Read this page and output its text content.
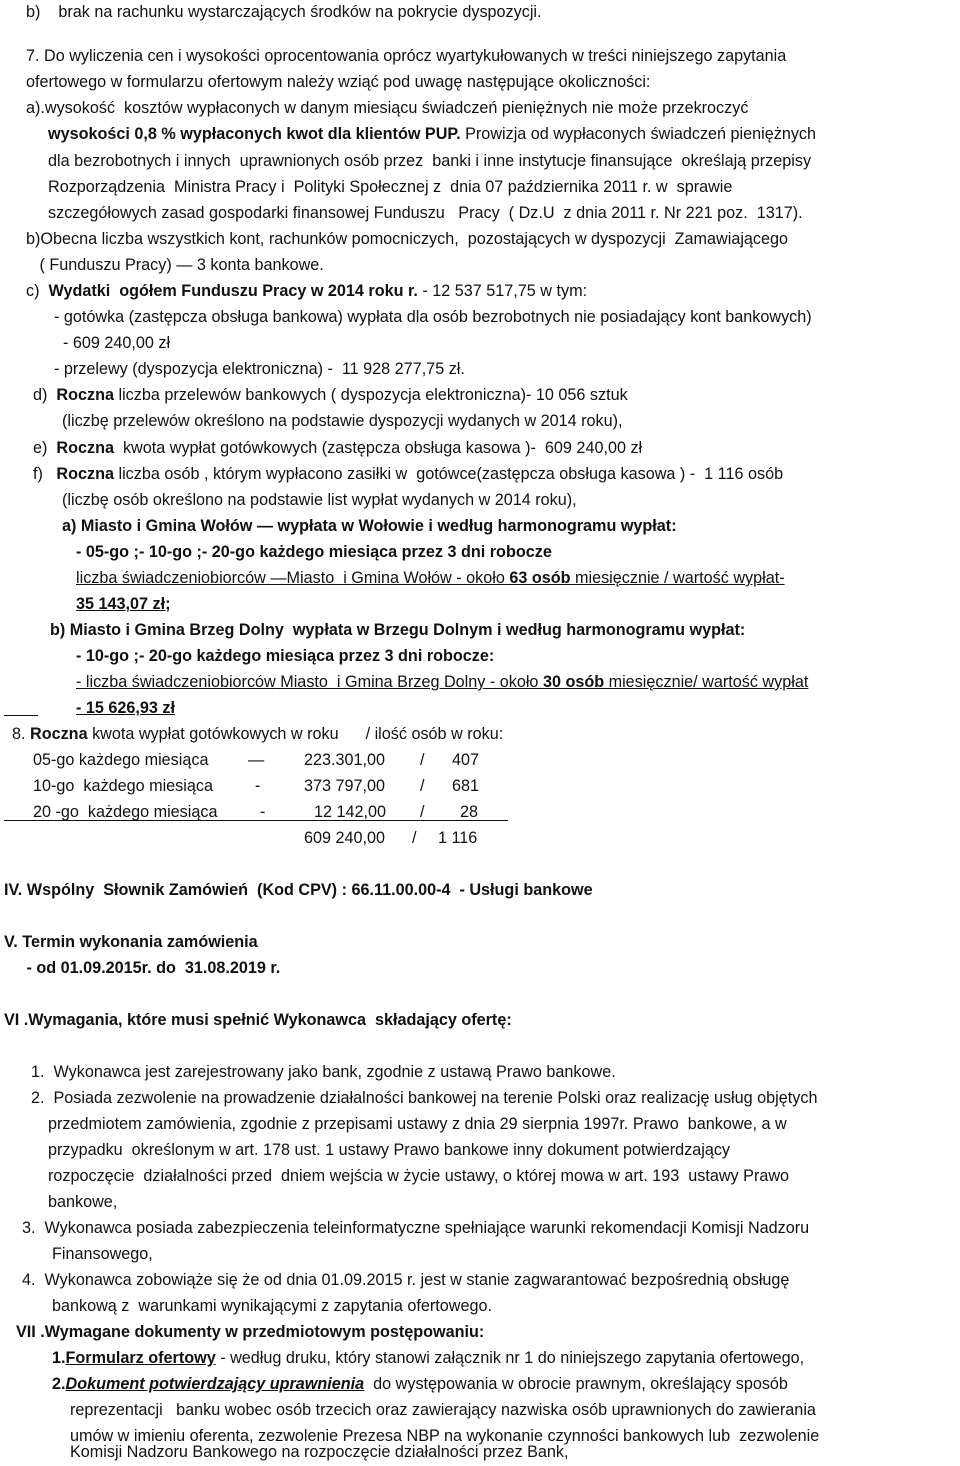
b)    brak na rachunku wystarczających środków na pokrycie dyspozycji.
7. Do wyliczenia cen i wysokości oprocentowania oprócz wyartykułowanych w treści niniejszego zapytania
ofertowego w formularzu ofertowym należy wziąć pod uwagę następujące okoliczności:
a).wysokość  kosztów wypłaconych w danym miesiącu świadczeń pieniężnych nie może przekroczyć
wysokości 0,8 % wypłaconych kwot dla klientów PUP. Prowizja od wypłaconych świadczeń pieniężnych
dla bezrobotnych i innych  uprawnionych osób przez  banki i inne instytucje finansujące  określają przepisy
Rozporządzenia  Ministra Pracy i  Polityki Społecznej z  dnia 07 października 2011 r. w  sprawie
szczegółowych zasad gospodarki finansowej Funduszu   Pracy  ( Dz.U  z dnia 2011 r. Nr 221 poz.  1317).
b)Obecna liczba wszystkich kont, rachunków pomocniczych,  pozostających w dyspozycji  Zamawiającego
( Funduszu Pracy) — 3 konta bankowe.
c)  Wydatki  ogółem Funduszu Pracy w 2014 roku r. - 12 537 517,75 w tym:
- gotówka (zastępcza obsługa bankowa) wypłata dla osób bezrobotnych nie posiadający kont bankowych)
- 609 240,00 zł
- przelewy (dyspozycja elektroniczna) -  11 928 277,75 zł.
d)  Roczna liczba przelewów bankowych ( dyspozycja elektroniczna)- 10 056 sztuk
(liczbę przelewów określono na podstawie dyspozycji wydanych w 2014 roku),
e)  Roczna  kwota wypłat gotówkowych (zastępcza obsługa kasowa )-  609 240,00 zł
f)   Roczna liczba osób , którym wypłacono zasiłki w  gotówce(zastępcza obsługa kasowa ) -  1 116 osób
(liczbę osób określono na podstawie list wypłat wydanych w 2014 roku),
a) Miasto i Gmina Wołów — wypłata w Wołowie i według harmonogramu wypłat:
- 05-go ;- 10-go ;- 20-go każdego miesiąca przez 3 dni robocze
liczba świadczeniobiorców —Miasto  i Gmina Wołów - około 63 osób miesięcznie / wartość wypłat-
35 143,07 zł;
b) Miasto i Gmina Brzeg Dolny  wypłata w Brzegu Dolnym i według harmonogramu wypłat:
- 10-go ;- 20-go każdego miesiąca przez 3 dni robocze:
- liczba świadczeniobiorców Miasto  i Gmina Brzeg Dolny - około 30 osób miesięcznie/ wartość wypłat
- 15 626,93 zł
8. Roczna kwota wypłat gotówkowych w roku      / ilość osób w roku:
05-go każdego miesiąca — 223.301,00 / 407
10-go  każdego miesiąca	-	373 797,00 / 681
20 -go  każdego miesiąca	-	12 142,00 / 28
609 240,00 / 1 116
IV. Wspólny  Słownik Zamówień  (Kod CPV) : 66.11.00.00-4  - Usługi bankowe
V. Termin wykonania zamówienia
- od 01.09.2015r. do  31.08.2019 r.
VI .Wymagania, które musi spełnić Wykonawca  składający ofertę:
1.  Wykonawca jest zarejestrowany jako bank, zgodnie z ustawą Prawo bankowe.
2.  Posiada zezwolenie na prowadzenie działalności bankowej na terenie Polski oraz realizację usług objętych
przedmiotem zamówienia, zgodnie z przepisami ustawy z dnia 29 sierpnia 1997r. Prawo  bankowe, a w
przypadku  określonym w art. 178 ust. 1 ustawy Prawo bankowe inny dokument potwierdzający
rozpoczęcie  działalności przed  dniem wejścia w życie ustawy, o której mowa w art. 193  ustawy Prawo
bankowe,
3.  Wykonawca posiada zabezpieczenia teleinformatyczne spełniające warunki rekomendacji Komisji Nadzoru
Finansowego,
4.  Wykonawca zobowiąże się że od dnia 01.09.2015 r. jest w stanie zagwarantować bezpośrednią obsługę
bankową z  warunkami wynikającymi z zapytania ofertowego.
VII .Wymagane dokumenty w przedmiotowym postępowaniu:
1.Formularz ofertowy - według druku, który stanowi załącznik nr 1 do niniejszego zapytania ofertowego,
2.Dokument potwierdzający uprawnienia  do występowania w obrocie prawnym, określający sposób
reprezentacji   banku wobec osób trzecich oraz zawierający nazwiska osób uprawnionych do zawierania
umów w imieniu oferenta, zezwolenie Prezesa NBP na wykonanie czynności bankowych lub  zezwolenie
Komisji Nadzoru Bankowego na rozpoczęcie działalności przez Bank,
